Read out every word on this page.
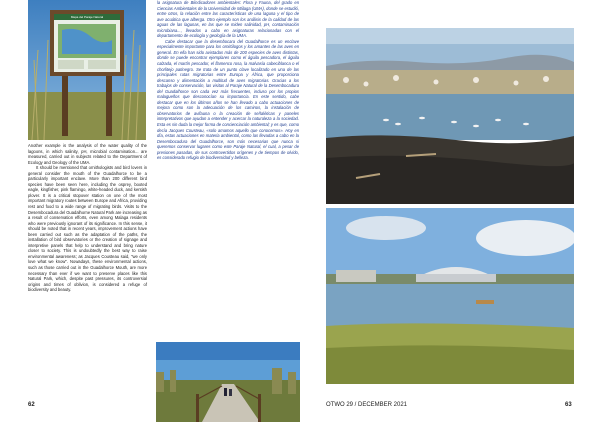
Mapa del Paraje Natural

Another example is the analysis of the water quality of the lagoons, in which salinity, pH, microbial contamination... are measured, carried out in subjects related to the Department of Ecology and Geology of the UMA.

It should be mentioned that ornithologists and bird lovers in general consider the mouth of the Guadalhorce to be a particularly important enclave. More than 200 different bird species have been seen here, including the osprey, booted eagle, kingfisher, pink flamingo, white-headed duck, and kentish plover. It is a critical stopover station on one of the most important migratory routes between Europe and Africa, providing rest and food to a wide range of migrating birds. Visits to the Desembocadura del Guadalhorne Natural Park are increasing as a result of conservation efforts, even among Malaga residents who were previously ignorant of its significance. In this sense, it should be noted that in recent years, improvement actions have been carried out such as the adaptation of the paths, the installation of bird observatories or the creation of signage and interpretive panels that help to understand and bring nature closer to society. This is undoubtedly the best way to raise environmental awareness; as Jacques Cousteau said, "we only love what we know". Nowadays, these environmental actions, such as those carried out in the Guadalhorce Mouth, are more necessary than ever if we want to preserve places like this Natural Park, which, despite past pressures, its controversial origins and times of oblivion, is considered a refuge of biodiversity and beauty.

la asignatura de Biindicadores ambientales: Flora y Fauna, del grado en Ciencias Ambientales de la Universidad de Málaga (UMA), donde se estudió, entre otros, la relación entre las características de una laguna y el tipo de ave acuática que alberga. Otro ejemplo son los análisis de la calidad de las aguas de las lagunas, en las que se miden salinidad, pH, contaminación microbiana..., llevados a cabo en asignaturas relacionadas con el departamento de ecología y geología de la UMA.

Cabe destacar que la desembocara del Guadalhorce es un enclave especialmente importante para los ornitólogos y los amantes de las aves en general. En ella han sido avistadas más de 200 especies de aves distintas, donde se puede encontrar ejemplares como el águila pescadora, el águila calzada, el martín pescador, el flamenco rosa, la malvasía cabeciblanca o el chorlitejo patinegro. Se trata de un punto clave localizado en una de las principales rutas migratorias entre Europa y África, que proporciona descanso y alimentación a multitud de aves migratorias. Gracias a los trabajos de conservación, las visitas al Paraje Natural de la Desembocadura del Guadalhorce son cada vez más frecuentes, incluso por los propios malagueños que desconocían su importancia. En este sentido, cabe destacar que en los últimos años se han llevado a cabo actuaciones de mejora como son la adecuación de los caminos, la instalación de observatorios de avifauna o la creación de señaléticas y paneles interpretativos que ayudan a entender y acercar la naturaleza a la sociedad. Esta es sin duda la mejor forma de concienciación ambiental; y es que, como decía Jacques Cousteau, «solo amamos aquello que conocemos». Hoy en día, estas actuaciones en materia ambiental, como las llevadas a cabo en la Desembocadura del Guadalhorce, son más necesarias que nunca si queremos conservar lugares como este Paraje Natural, el cual, a pesar de presiones pasadas, de sus controvertidos orígenes y de tiempos de olvido, es considerado refugio de biodiversidad y belleza.

62	OTWO 29 / DECEMBER 2021	63
